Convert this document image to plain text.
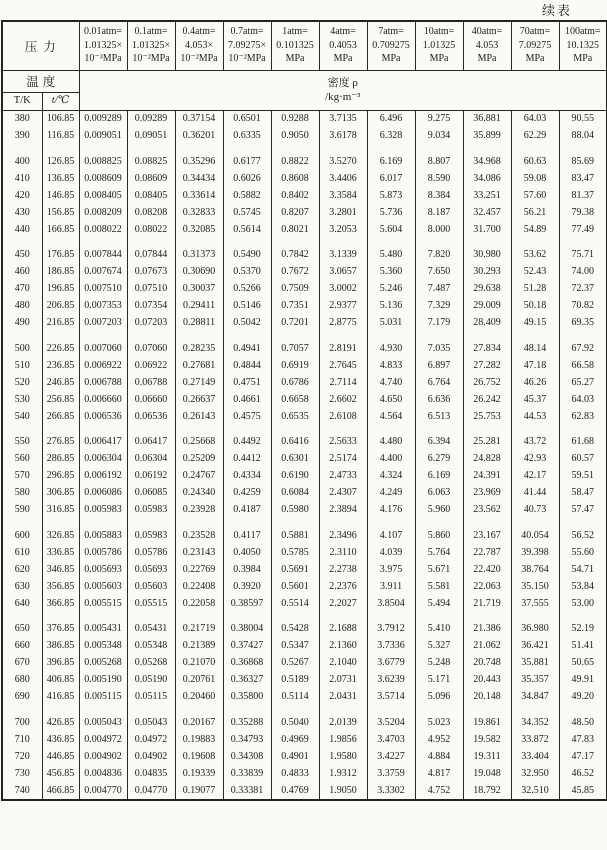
续表
压力	
0.01atm=
1.01325×
10⁻³MPa

0.1atm=
1.01325×
10⁻²MPa

0.4atm=
4.053×
10⁻²MPa

0.7atm=
7.09275×
10⁻²MPa

1atm=
0.101325
MPa

4atm=
0.4053
MPa

7atm=
0.709275
MPa

10atm=
1.01325
MPa

40atm=
4.053
MPa

70atm=
7.09275
MPa

100atm=
10.1325
MPa

温度		密度 ρ
/kg·m⁻³										

T/K	t/℃											
380	106.85	0.009289	0.09289	0.37154	0.6501	0.9288	3.7135	6.496	9.275	36.881	64.03	90.55
390	116.85	0.009051	0.09051	0.36201	0.6335	0.9050	3.6178	6.328	9.034	35.899	62.29	88.04
400	126.85	0.008825	0.08825	0.35296	0.6177	0.8822	3.5270	6.169	8.807	34.968	60.63	85.69
410	136.85	0.008609	0.08609	0.34434	0.6026	0.8608	3.4406	6.017	8.590	34.086	59.08	83.47
420	146.85	0.008405	0.08405	0.33614	0.5882	0.8402	3.3584	5.873	8.384	33.251	57.60	81.37
430	156.85	0.008209	0.08208	0.32833	0.5745	0.8207	3.2801	5.736	8.187	32.457	56.21	79.38
440	166.85	0.008022	0.08022	0.32085	0.5614	0.8021	3.2053	5.604	8.000	31.700	54.89	77.49
450	176.85	0.007844	0.07844	0.31373	0.5490	0.7842	3.1339	5.480	7.820	30.980	53.62	75.71
460	186.85	0.007674	0.07673	0.30690	0.5370	0.7672	3.0657	5.360	7.650	30.293	52.43	74.00
470	196.85	0.007510	0.07510	0.30037	0.5266	0.7509	3.0002	5.246	7.487	29.638	51.28	72.37
480	206.85	0.007353	0.07354	0.29411	0.5146	0.7351	2.9377	5.136	7.329	29.009	50.18	70.82
490	216.85	0.007203	0.07203	0.28811	0.5042	0.7201	2.8775	5.031	7.179	28.409	49.15	69.35
500	226.85	0.007060	0.07060	0.28235	0.4941	0.7057	2.8191	4.930	7.035	27.834	48.14	67.92
510	236.85	0.006922	0.06922	0.27681	0.4844	0.6919	2.7645	4.833	6.897	27.282	47.18	66.58
520	246.85	0.006788	0.06788	0.27149	0.4751	0.6786	2.7114	4.740	6.764	26.752	46.26	65.27
530	256.85	0.006660	0.06660	0.26637	0.4661	0.6658	2.6602	4.650	6.636	26.242	45.37	64.03
540	266.85	0.006536	0.06536	0.26143	0.4575	0.6535	2.6108	4.564	6.513	25.753	44.53	62.83
550	276.85	0.006417	0.06417	0.25668	0.4492	0.6416	2.5633	4.480	6.394	25.281	43.72	61.68
560	286.85	0.006304	0.06304	0.25209	0.4412	0.6301	2.5174	4.400	6.279	24.828	42.93	60.57
570	296.85	0.006192	0.06192	0.24767	0.4334	0.6190	2.4733	4.324	6.169	24.391	42.17	59.51
580	306.85	0.006086	0.06085	0.24340	0.4259	0.6084	2.4307	4.249	6.063	23.969	41.44	58.47
590	316.85	0.005983	0.05983	0.23928	0.4187	0.5980	2.3894	4.176	5.960	23.562	40.73	57.47
600	326.85	0.005883	0.05983	0.23528	0.4117	0.5881	2.3496	4.107	5.860	23.167	40.054	56.52
610	336.85	0.005786	0.05786	0.23143	0.4050	0.5785	2.3110	4.039	5.764	22.787	39.398	55.60
620	346.85	0.005693	0.05693	0.22769	0.3984	0.5691	2.2738	3.975	5.671	22.420	38.764	54.71
630	356.85	0.005603	0.05603	0.22408	0.3920	0.5601	2.2376	3.911	5.581	22.063	35.150	53.84
640	366.85	0.005515	0.05515	0.22058	0.38597	0.5514	2.2027	3.8504	5.494	21.719	37.555	53.00
650	376.85	0.005431	0.05431	0.21719	0.38004	0.5428	2.1688	3.7912	5.410	21.386	36.980	52.19
660	386.85	0.005348	0.05348	0.21389	0.37427	0.5347	2.1360	3.7336	5.327	21.062	36.421	51.41
670	396.85	0.005268	0.05268	0.21070	0.36868	0.5267	2.1040	3.6779	5.248	20.748	35.881	50.65
680	406.85	0.005190	0.05190	0.20761	0.36327	0.5189	2.0731	3.6239	5.171	20.443	35.357	49.91
690	416.85	0.005115	0.05115	0.20460	0.35800	0.5114	2.0431	3.5714	5.096	20.148	34.847	49.20
700	426.85	0.005043	0.05043	0.20167	0.35288	0.5040	2.0139	3.5204	5.023	19.861	34.352	48.50
710	436.85	0.004972	0.04972	0.19883	0.34793	0.4969	1.9856	3.4703	4.952	19.582	33.872	47.83
720	446.85	0.004902	0.04902	0.19608	0.34308	0.4901	1.9580	3.4227	4.884	19.311	33.404	47.17
730	456.85	0.004836	0.04835	0.19339	0.33839	0.4833	1.9312	3.3759	4.817	19.048	32.950	46.52
740	466.85	0.004770	0.04770	0.19077	0.33381	0.4769	1.9050	3.3302	4.752	18.792	32.510	45.85
